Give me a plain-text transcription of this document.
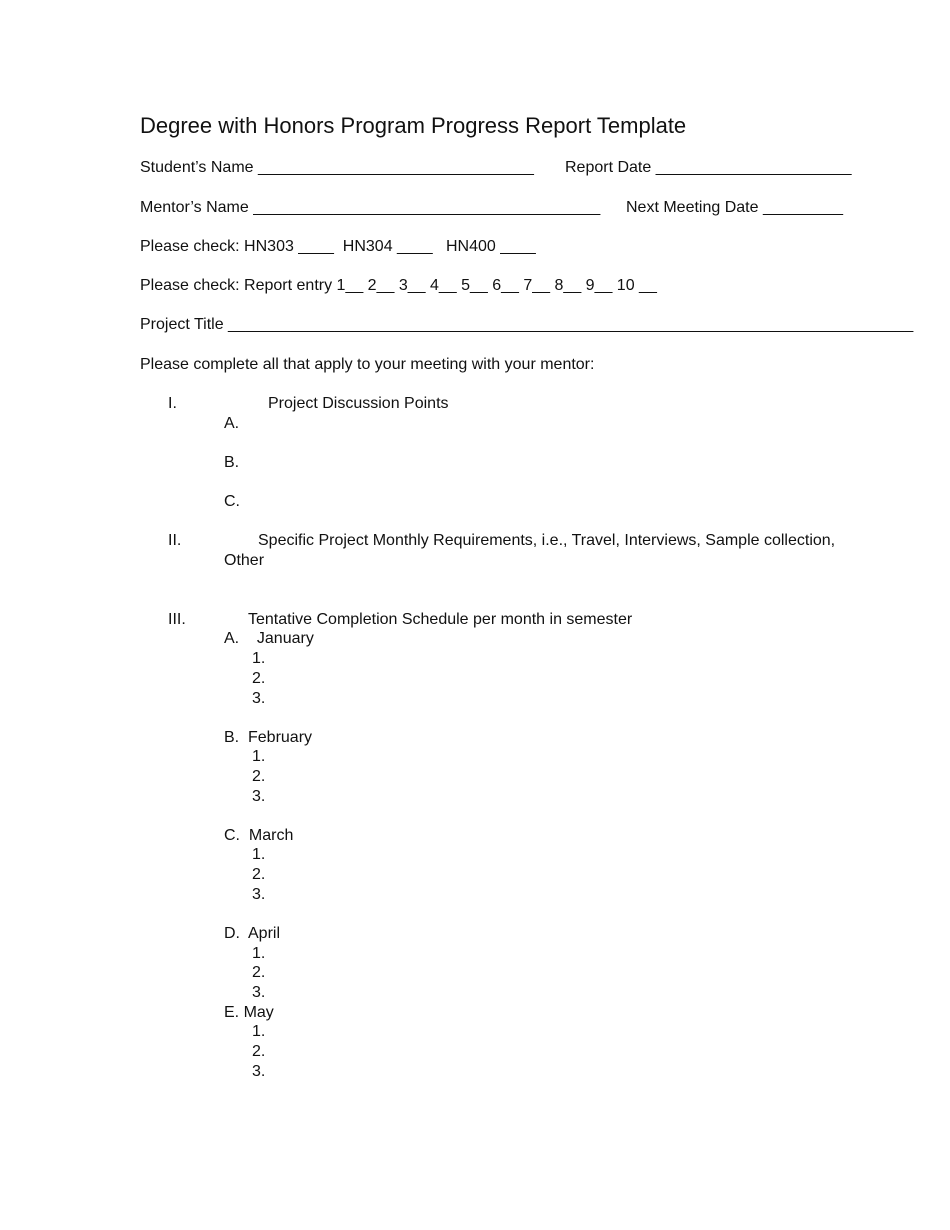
Degree with Honors Program Progress Report Template
Student’s Name _______________________________ Report Date ______________________
Mentor’s Name _______________________________________ Next Meeting Date _________
Please check: HN303 ____  HN304 ____   HN400 ____
Please check: Report entry 1__ 2__ 3__ 4__ 5__ 6__ 7__ 8__ 9__ 10 __
Project Title _____________________________________________________________________________
Please complete all that apply to your meeting with your mentor:
I.	Project Discussion Points
A.
B.
C.
II.	Specific Project Monthly Requirements, i.e., Travel, Interviews, Sample collection,
Other
III.	Tentative Completion Schedule per month in semester
A.    January
1.
2.
3.
B.  February
1.
2.
3.
C.  March
1.
2.
3.
D.  April
1.
2.
3.
E. May
1.
2.
3.
